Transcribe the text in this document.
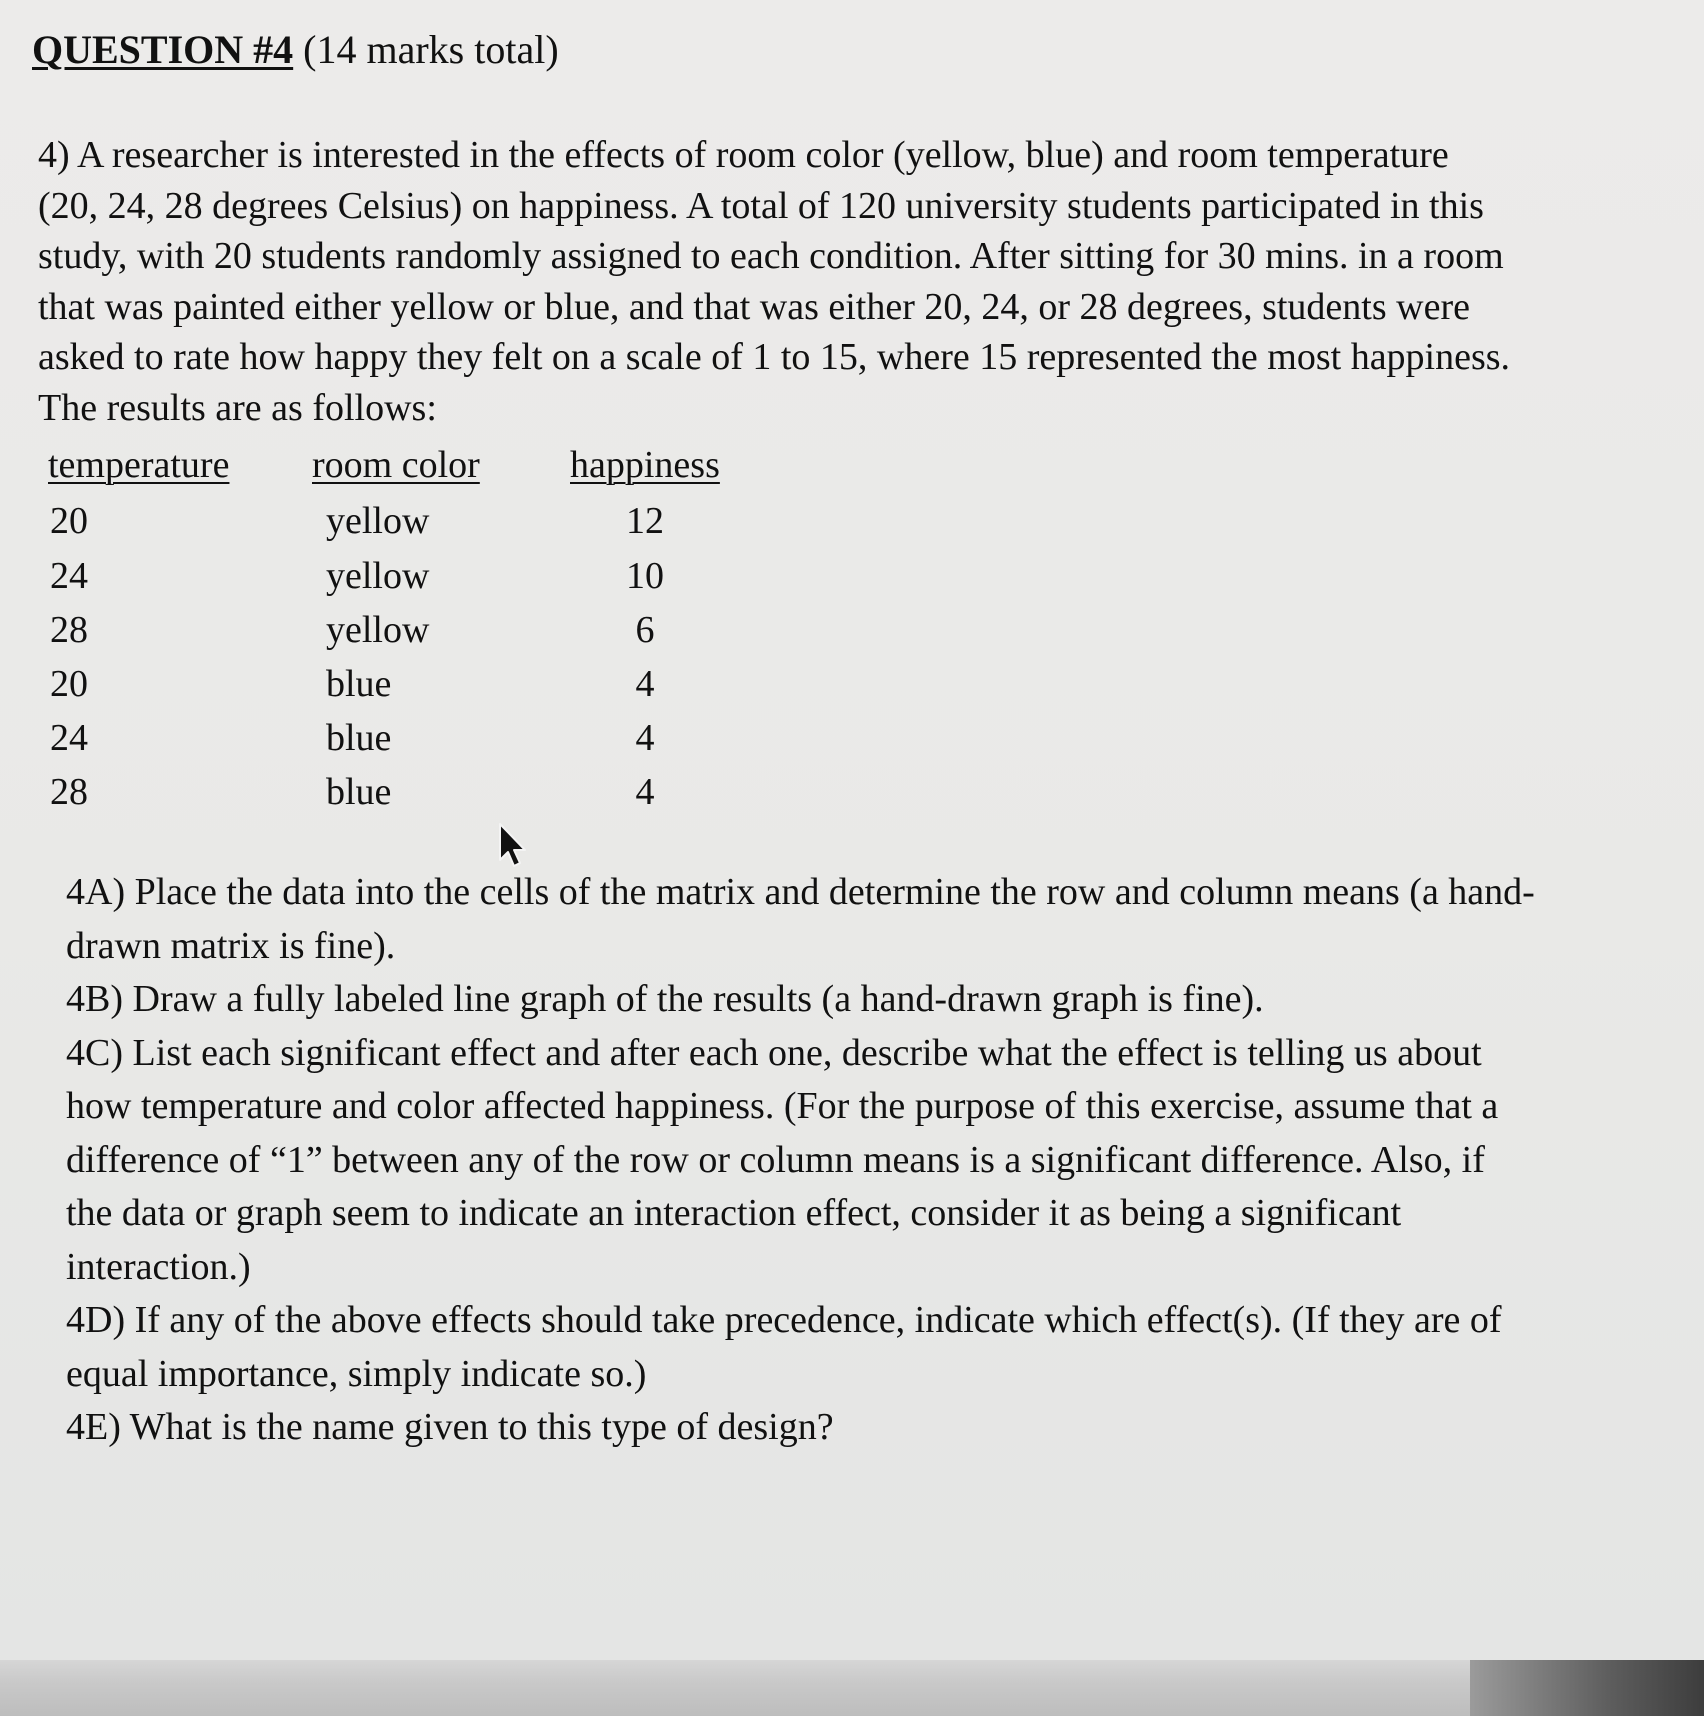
QUESTION #4 (14 marks total)
4) A researcher is interested in the effects of room color (yellow, blue) and room temperature
(20, 24, 28 degrees Celsius) on happiness. A total of 120 university students participated in this
study, with 20 students randomly assigned to each condition. After sitting for 30 mins. in a room
that was painted either yellow or blue, and that was either 20, 24, or 28 degrees, students were
asked to rate how happy they felt on a scale of 1 to 15, where 15 represented the most happiness.
The results are as follows:
temperature room color happiness
20	yellow	12
24	yellow	10
28	yellow	6
20	blue	4
24	blue	4
28	blue	4
4A) Place the data into the cells of the matrix and determine the row and column means (a hand-
drawn matrix is fine).
4B) Draw a fully labeled line graph of the results (a hand-drawn graph is fine).
4C) List each significant effect and after each one, describe what the effect is telling us about
how temperature and color affected happiness. (For the purpose of this exercise, assume that a
difference of “1” between any of the row or column means is a significant difference. Also, if
the data or graph seem to indicate an interaction effect, consider it as being a significant
interaction.)
4D) If any of the above effects should take precedence, indicate which effect(s). (If they are of
equal importance, simply indicate so.)
4E) What is the name given to this type of design?
